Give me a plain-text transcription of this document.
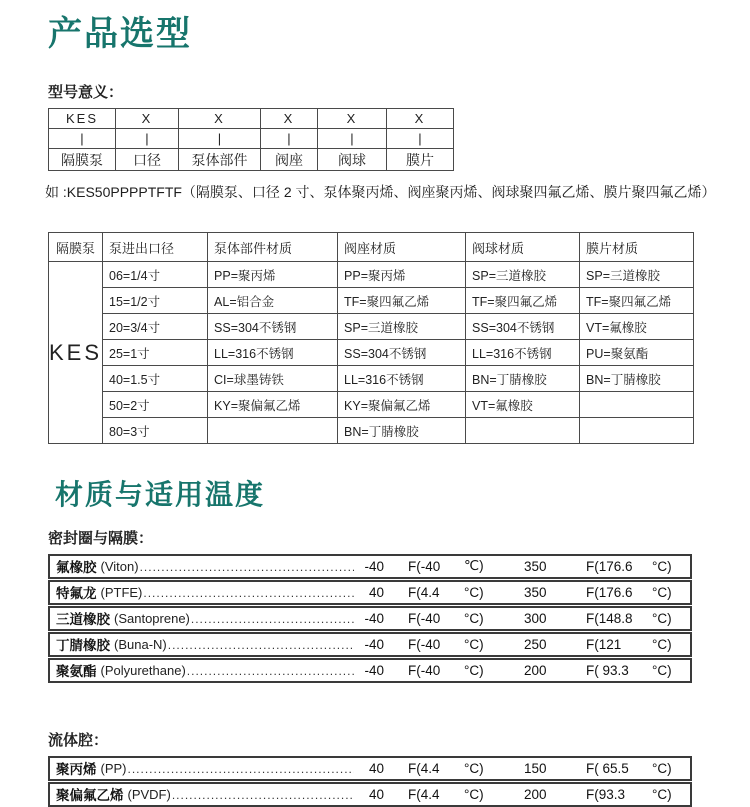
产品选型
型号意义：
KES	X	X	X	X	X
|	|	|	|	|	|
隔膜泵	口径	泵体部件	阀座	阀球	膜片
如 :KES50PPPPTFTF（隔膜泵、口径 2 寸、泵体聚丙烯、阀座聚丙烯、阀球聚四氟乙烯、膜片聚四氟乙烯）
隔膜泵	泵进出口径	泵体部件材质	阀座材质	阀球材质	膜片材质
KES	06=1/4寸	PP=聚丙烯	PP=聚丙烯	SP=三道橡胶	SP=三道橡胶
	15=1/2寸	AL=铝合金	TF=聚四氟乙烯	TF=聚四氟乙烯	TF=聚四氟乙烯
	20=3/4寸	SS=304不锈钢	SP=三道橡胶	SS=304不锈钢	VT=氟橡胶
	25=1寸	LL=316不锈钢	SS=304不锈钢	LL=316不锈钢	PU=聚氨酯
	40=1.5寸	CI=球墨铸铁	LL=316不锈钢	BN=丁腈橡胶	BN=丁腈橡胶
	50=2寸	KY=聚偏氟乙烯	KY=聚偏氟乙烯	VT=氟橡胶	
	80=3寸		BN=丁腈橡胶		
材质与适用温度
密封圈与隔膜：
氟橡胶 (Viton) .....	-40 F(-40	℃)	350	F(176.6	°C)
特氟龙 (PTFE) .....	40 F(4.4	°C)	350	F(176.6	°C)
三道橡胶 (Santoprene) .....	-40 F(-40	°C)	300	F(148.8	°C)
丁腈橡胶 (Buna-N) .....	-40 F(-40	°C)	250	F(121	°C)
聚氨酯 (Polyurethane) .....	-40 F(-40	°C)	200	F( 93.3	°C)
流体腔：
聚丙烯 (PP) .....	40 F(4.4	°C)	150	F( 65.5	°C)
聚偏氟乙烯 (PVDF) .....	40 F(4.4	°C)	200	F(93.3	°C)
